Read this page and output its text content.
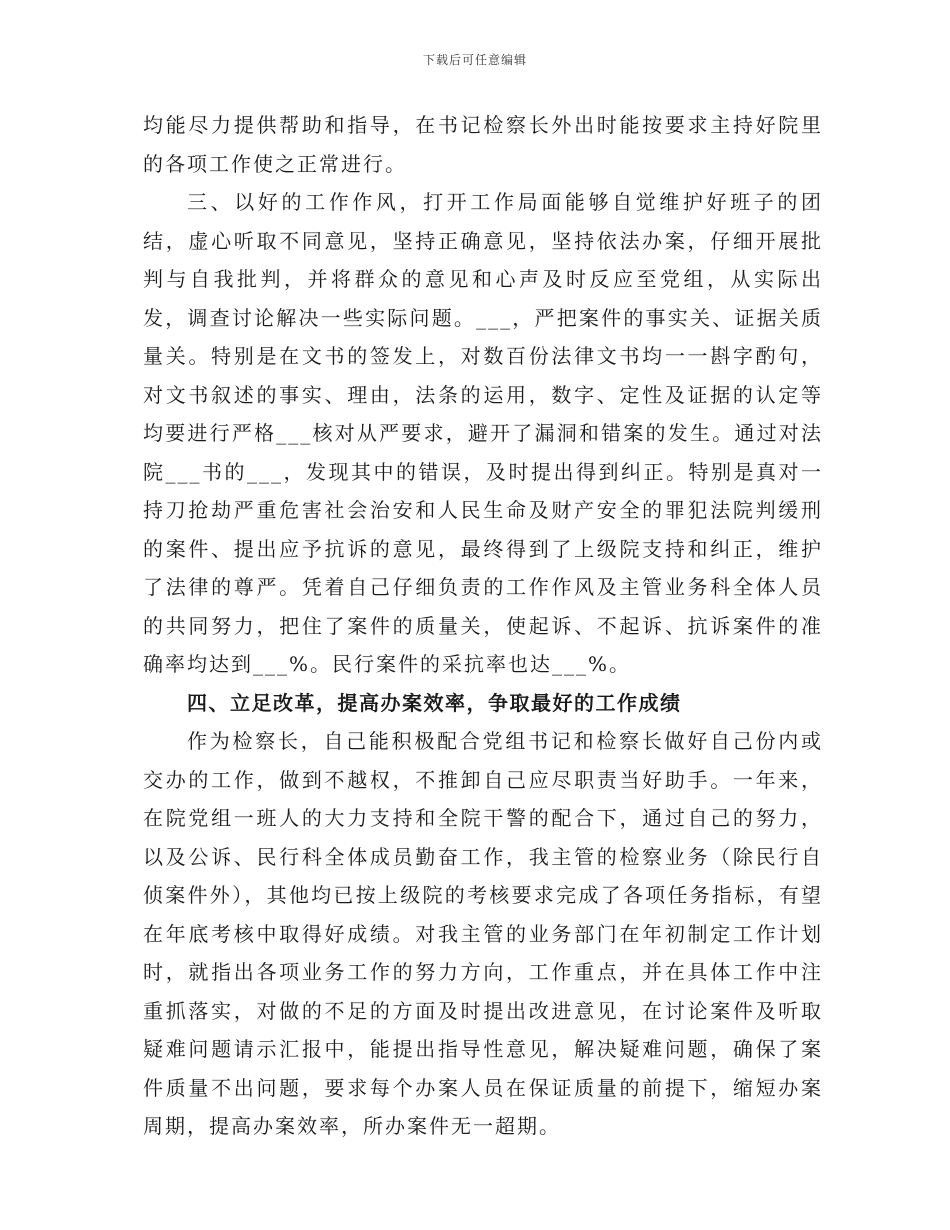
下载后可任意编辑

均能尽力提供帮助和指导，在书记检察长外出时能按要求主持好院里的各项工作使之正常进行。

三、以好的工作作风，打开工作局面能够自觉维护好班子的团结，虚心听取不同意见，坚持正确意见，坚持依法办案，仔细开展批判与自我批判，并将群众的意见和心声及时反应至党组，从实际出发，调查讨论解决一些实际问题。___，严把案件的事实关、证据关质量关。特别是在文书的签发上，对数百份法律文书均一一斟字酌句，对文书叙述的事实、理由，法条的运用，数字、定性及证据的认定等均要进行严格___核对从严要求，避开了漏洞和错案的发生。通过对法院___书的___，发现其中的错误，及时提出得到纠正。特别是真对一持刀抢劫严重危害社会治安和人民生命及财产安全的罪犯法院判缓刑的案件、提出应予抗诉的意见，最终得到了上级院支持和纠正，维护了法律的尊严。凭着自己仔细负责的工作作风及主管业务科全体人员的共同努力，把住了案件的质量关，使起诉、不起诉、抗诉案件的准确率均达到___%。民行案件的采抗率也达___%。

四、立足改革，提高办案效率，争取最好的工作成绩

作为检察长，自己能积极配合党组书记和检察长做好自己份内或交办的工作，做到不越权，不推卸自己应尽职责当好助手。一年来，在院党组一班人的大力支持和全院干警的配合下，通过自己的努力，以及公诉、民行科全体成员勤奋工作，我主管的检察业务（除民行自侦案件外），其他均已按上级院的考核要求完成了各项任务指标，有望在年底考核中取得好成绩。对我主管的业务部门在年初制定工作计划时，就指出各项业务工作的努力方向，工作重点，并在具体工作中注重抓落实，对做的不足的方面及时提出改进意见，在讨论案件及听取疑难问题请示汇报中，能提出指导性意见，解决疑难问题，确保了案件质量不出问题，要求每个办案人员在保证质量的前提下，缩短办案周期，提高办案效率，所办案件无一超期。
